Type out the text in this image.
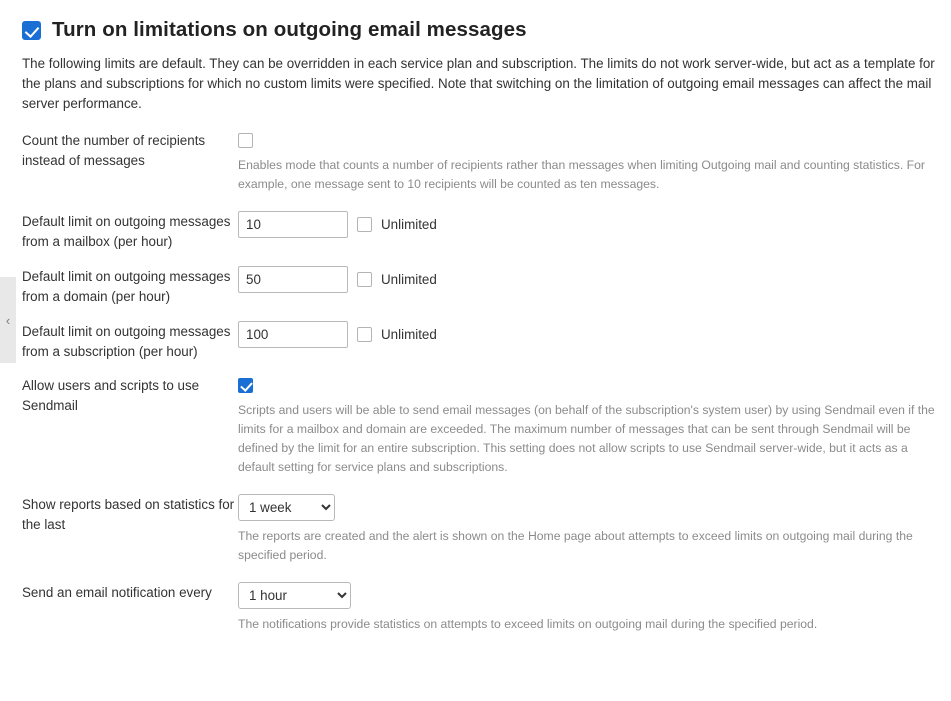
‹
Turn on limitations on outgoing email messages

The following limits are default. They can be overridden in each service plan and subscription. The limits do not work server-wide, but act as a template for the plans and subscriptions for which no custom limits were specified. Note that switching on the limitation of outgoing email messages can affect the mail server performance.

Count the number of recipients instead of messages	Enables mode that counts a number of recipients rather than messages when limiting Outgoing mail and counting statistics. For example, one message sent to 10 recipients will be counted as ten messages.
Default limit on outgoing messages from a mailbox (per hour)
10
Unlimited
Default limit on outgoing messages from a domain (per hour)
50
Unlimited
Default limit on outgoing messages from a subscription (per hour)
100
Unlimited
Allow users and scripts to use Sendmail	Scripts and users will be able to send email messages (on behalf of the subscription's system user) by using Sendmail even if the limits for a mailbox and domain are exceeded. The maximum number of messages that can be sent through Sendmail will be defined by the limit for an entire subscription. This setting does not allow scripts to use Sendmail server-wide, but it acts as a default setting for service plans and subscriptions.
Show reports based on statistics for the last
1 week
The reports are created and the alert is shown on the Home page about attempts to exceed limits on outgoing mail during the specified period.
Send an email notification every
1 hour
The notifications provide statistics on attempts to exceed limits on outgoing mail during the specified period.
